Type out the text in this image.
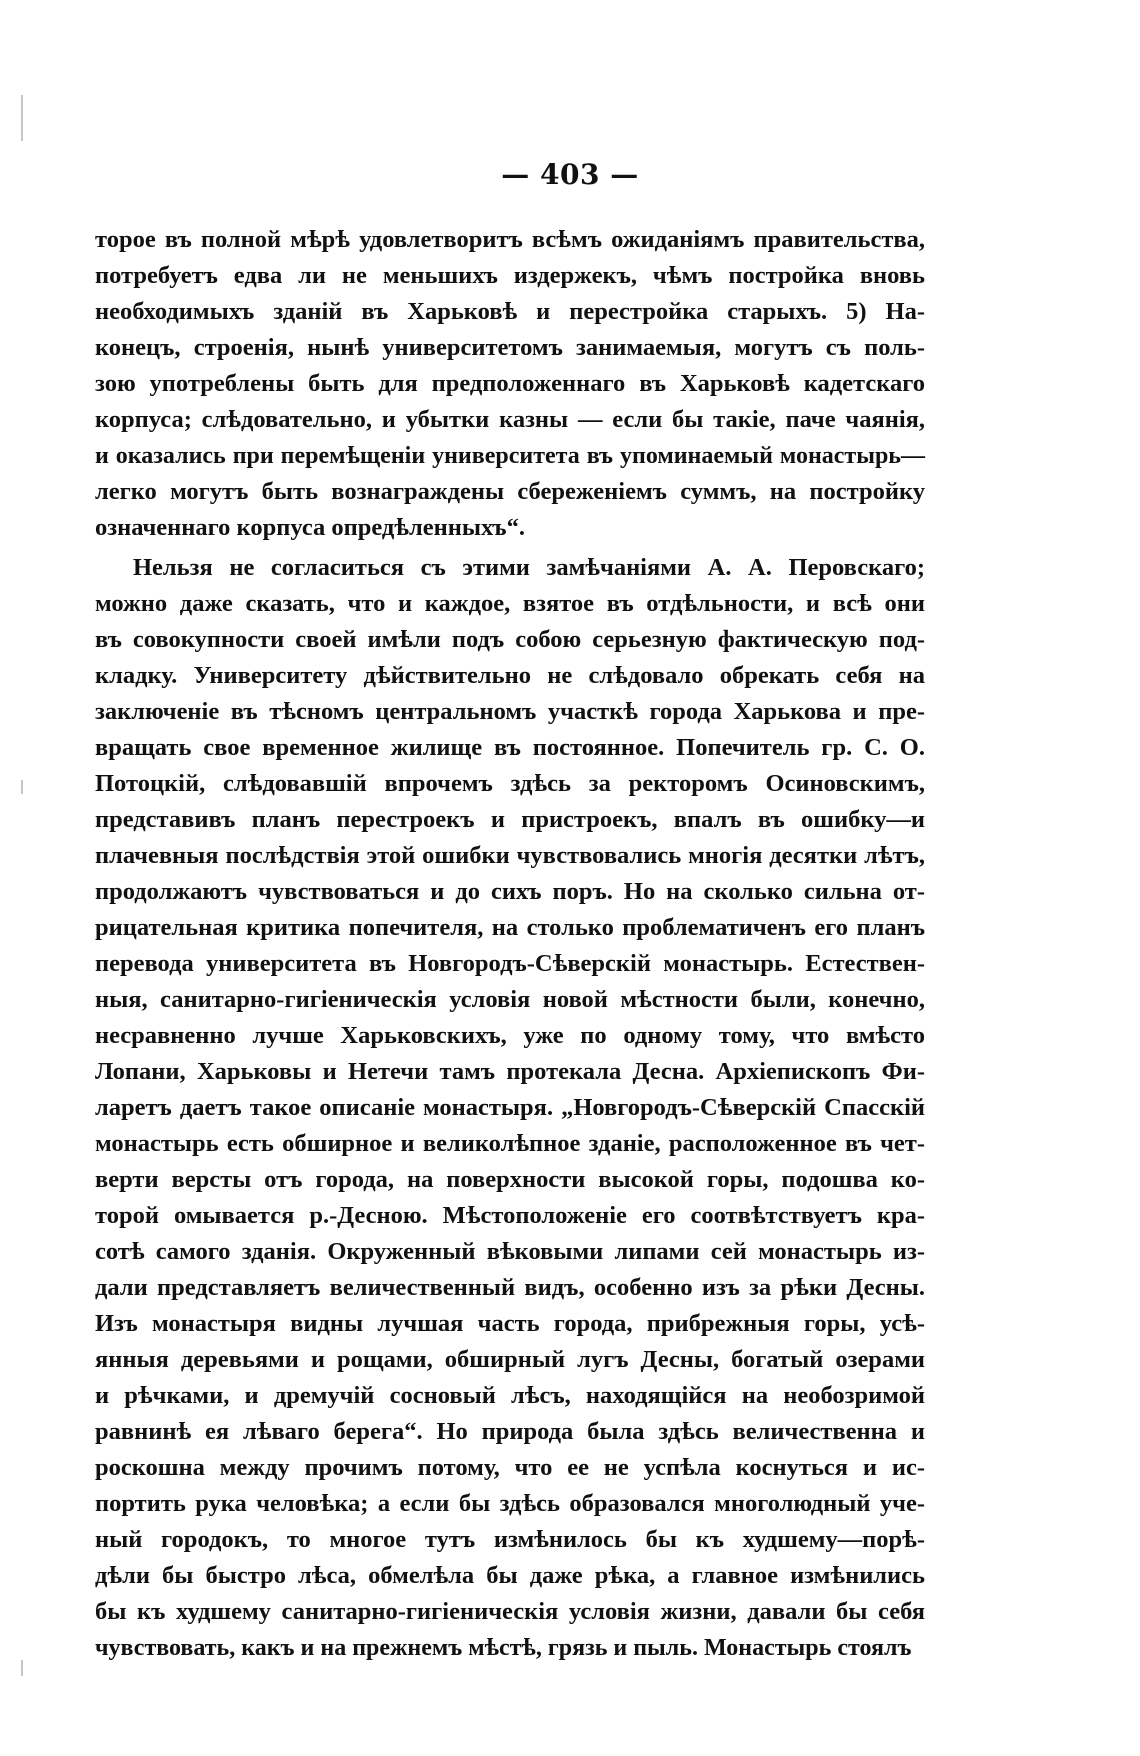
— 403 —
торое въ полной мѣрѣ удовлетворитъ всѣмъ ожиданіямъ правительства,
потребуетъ едва ли не меньшихъ издержекъ, чѣмъ постройка вновь
необходимыхъ зданій въ Харьковѣ и перестройка старыхъ. 5) На-
конецъ, строенія, нынѣ университетомъ занимаемыя, могутъ съ поль-
зою употреблены быть для предположеннаго въ Харьковѣ кадетскаго
корпуса; слѣдовательно, и убытки казны — если бы такіе, паче чаянія,
и оказались при перемѣщеніи университета въ упоминаемый монастырь—
легко могутъ быть вознаграждены сбереженіемъ суммъ, на постройку
означеннаго корпуса опредѣленныхъ“.
Нельзя не согласиться съ этими замѣчаніями А. А. Перовскаго;
можно даже сказать, что и каждое, взятое въ отдѣльности, и всѣ они
въ совокупности своей имѣли подъ собою серьезную фактическую под-
кладку. Университету дѣйствительно не слѣдовало обрекать себя на
заключеніе въ тѣсномъ центральномъ участкѣ города Харькова и пре-
вращать свое временное жилище въ постоянное. Попечитель гр. С. О.
Потоцкій, слѣдовавшій впрочемъ здѣсь за ректоромъ Осиновскимъ,
представивъ планъ перестроекъ и пристроекъ, впалъ въ ошибку—и
плачевныя послѣдствія этой ошибки чувствовались многія десятки лѣтъ,
продолжаютъ чувствоваться и до сихъ поръ. Но на сколько сильна от-
рицательная критика попечителя, на столько проблематиченъ его планъ
перевода университета въ Новгородъ-Сѣверскій монастырь. Естествен-
ныя, санитарно-гигіеническія условія новой мѣстности были, конечно,
несравненно лучше Харьковскихъ, уже по одному тому, что вмѣсто
Лопани, Харьковы и Нетечи тамъ протекала Десна. Архіепископъ Фи-
ларетъ даетъ такое описаніе монастыря. „Новгородъ-Сѣверскій Спасскій
монастырь есть обширное и великолѣпное зданіе, расположенное въ чет-
верти версты отъ города, на поверхности высокой горы, подошва ко-
торой омывается р.-Десною. Мѣстоположеніе его соотвѣтствуетъ кра-
сотѣ самого зданія. Окруженный вѣковыми липами сей монастырь из-
дали представляетъ величественный видъ, особенно изъ за рѣки Десны.
Изъ монастыря видны лучшая часть города, прибрежныя горы, усѣ-
янныя деревьями и рощами, обширный лугъ Десны, богатый озерами
и рѣчками, и дремучій сосновый лѣсъ, находящійся на необозримой
равнинѣ ея лѣваго берега“. Но природа была здѣсь величественна и
роскошна между прочимъ потому, что ее не успѣла коснуться и ис-
портить рука человѣка; а если бы здѣсь образовался многолюдный уче-
ный городокъ, то многое тутъ измѣнилось бы къ худшему—порѣ-
дѣли бы быстро лѣса, обмелѣла бы даже рѣка, а главное измѣнились
бы къ худшему санитарно-гигіеническія условія жизни, давали бы себя
чувствовать, какъ и на прежнемъ мѣстѣ, грязь и пыль. Монастырь стоялъ
